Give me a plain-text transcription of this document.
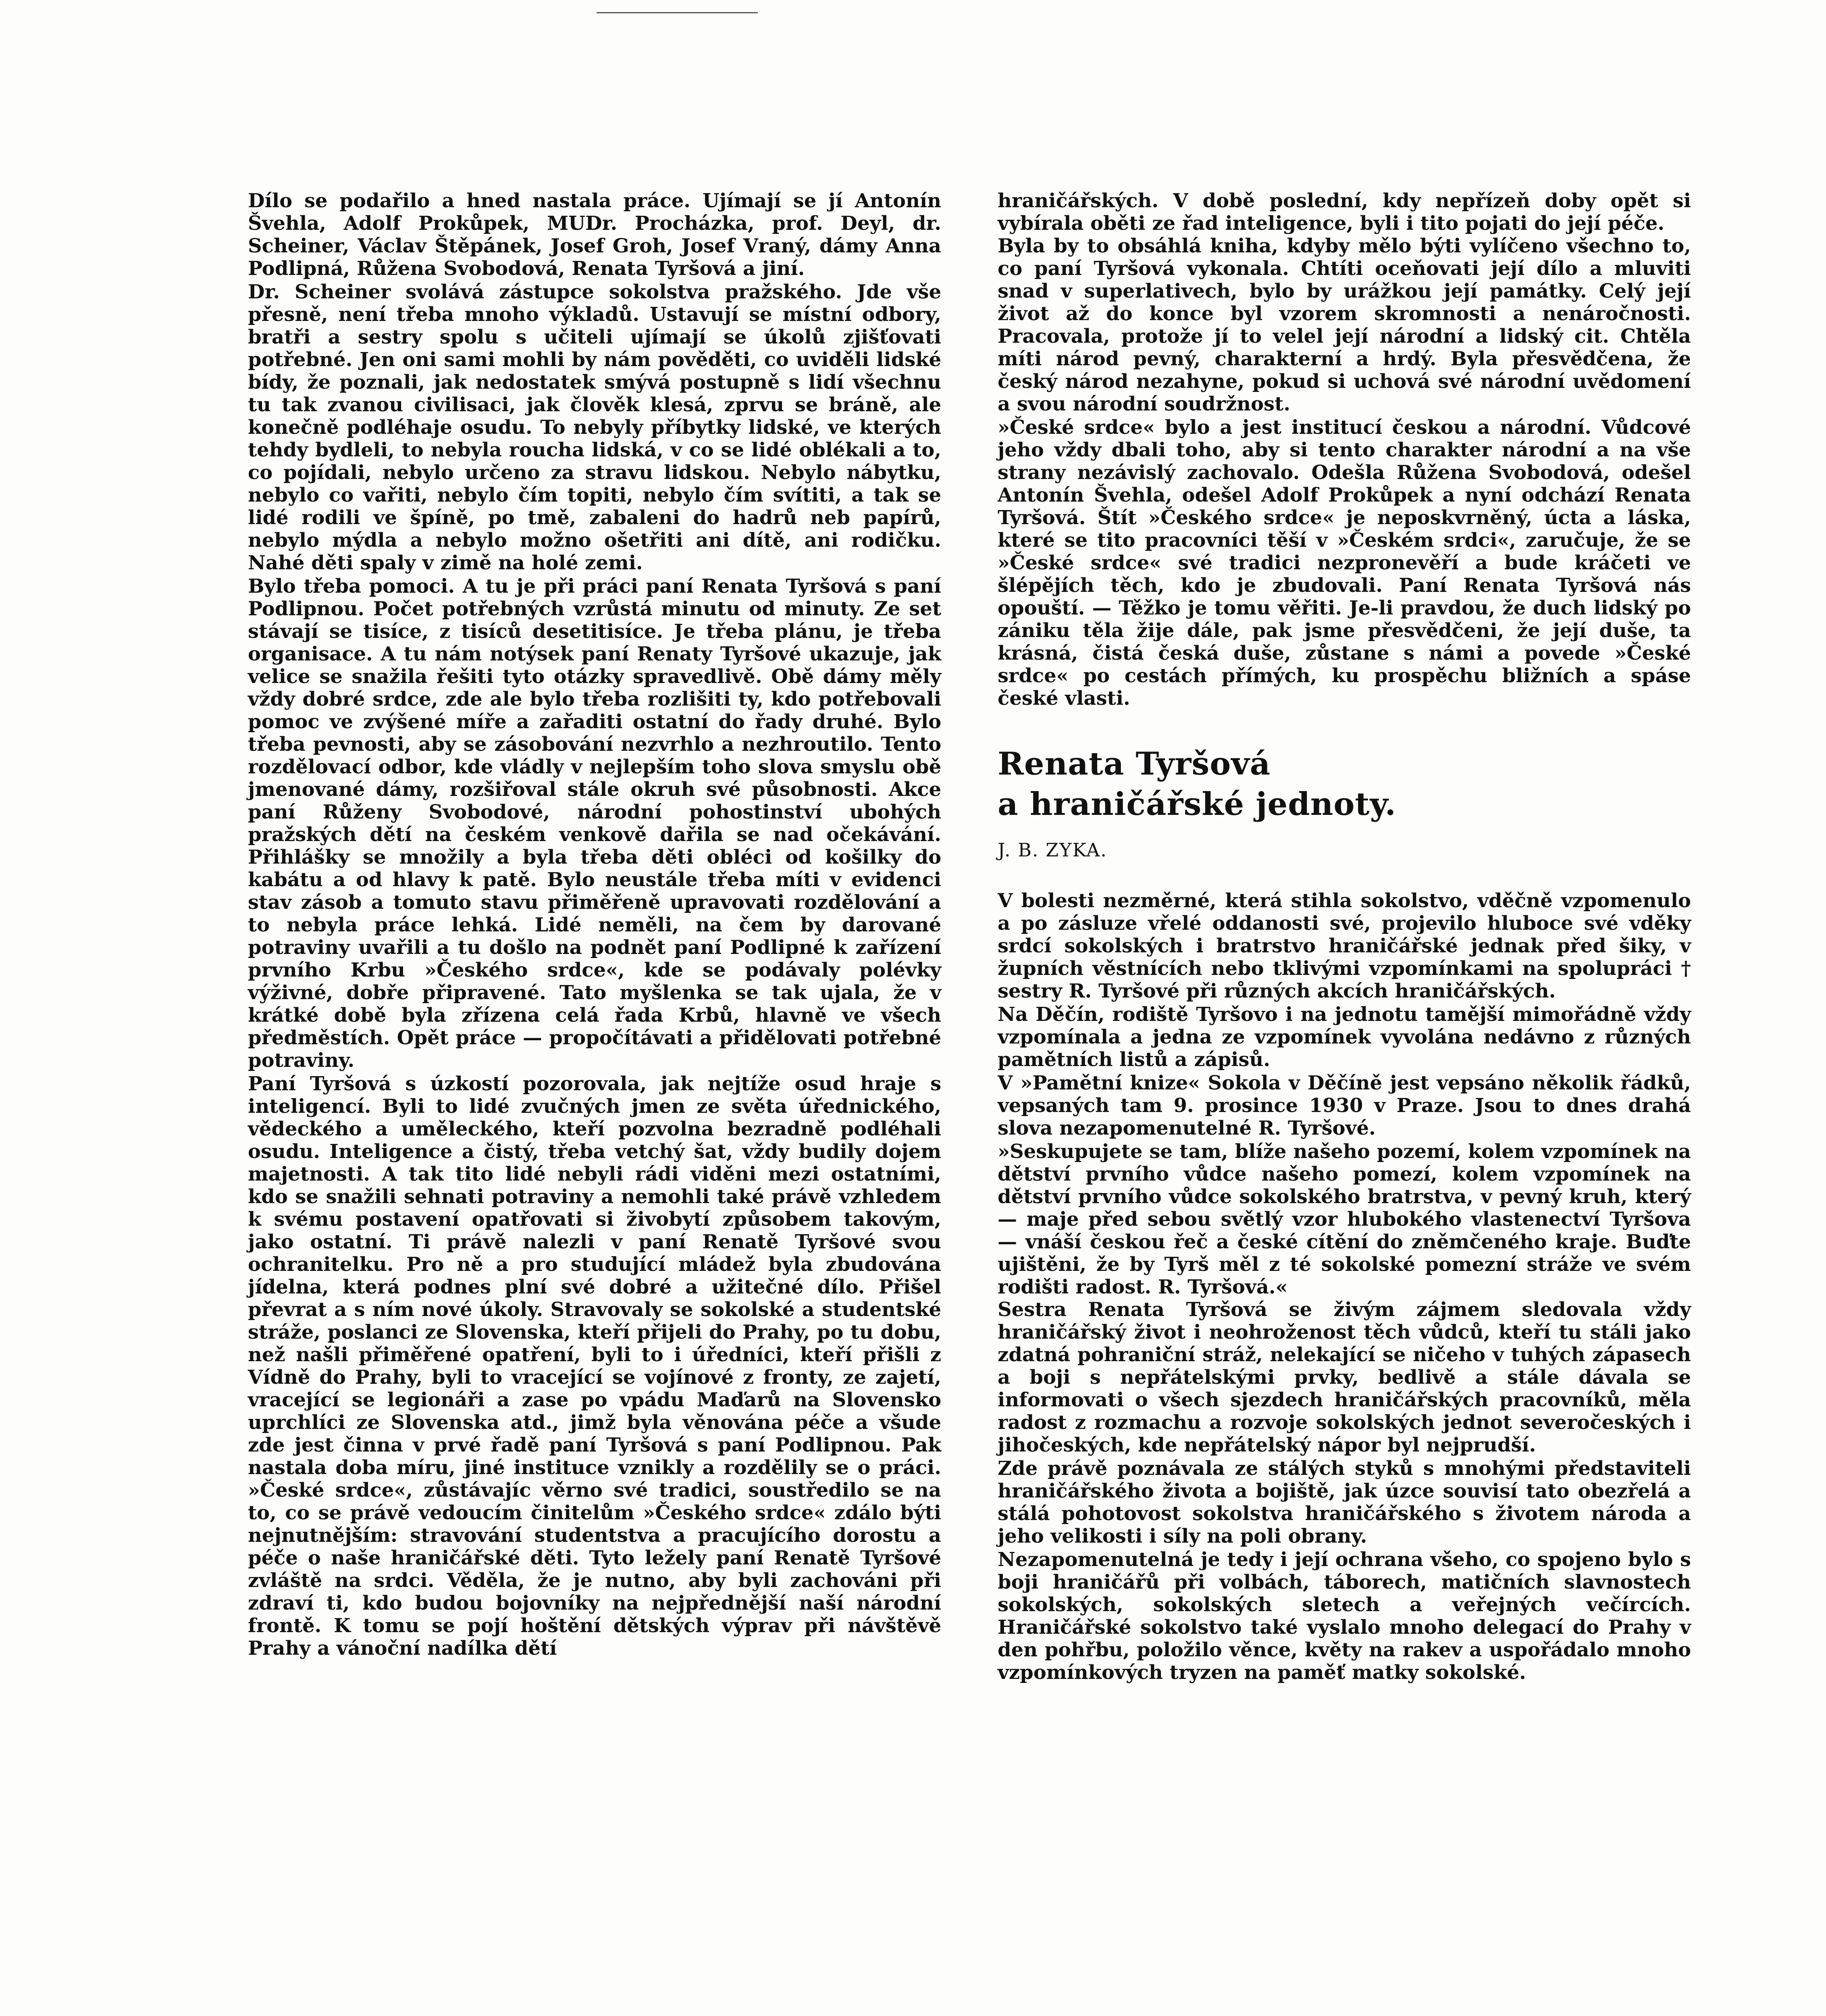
Dílo se podařilo a hned nastala práce. Ujímají se jí Antonín Švehla, Adolf Prokůpek, MUDr. Procházka, prof. Deyl, dr. Scheiner, Václav Štěpánek, Josef Groh, Josef Vraný, dámy Anna Podlipná, Růžena Svobodová, Renata Tyršová a jiní.

Dr. Scheiner svolává zástupce sokolstva pražského. Jde vše přesně, není třeba mnoho výkladů. Ustavují se místní odbory, bratři a sestry spolu s učiteli ujímají se úkolů zjišťovati potřebné. Jen oni sami mohli by nám pověděti, co uviděli lidské bídy, že poznali, jak nedostatek smývá postupně s lidí všechnu tu tak zvanou civilisaci, jak člověk klesá, zprvu se bráně, ale konečně podléhaje osudu. To nebyly příbytky lidské, ve kterých tehdy bydleli, to nebyla roucha lidská, v co se lidé oblékali a to, co pojídali, nebylo určeno za stravu lidskou. Nebylo nábytku, nebylo co vařiti, nebylo čím topiti, nebylo čím svítiti, a tak se lidé rodili ve špíně, po tmě, zabaleni do hadrů neb papírů, nebylo mýdla a nebylo možno ošetřiti ani dítě, ani rodičku. Nahé děti spaly v zimě na holé zemi.

Bylo třeba pomoci. A tu je při práci paní Renata Tyršová s paní Podlipnou. Počet potřebných vzrůstá minutu od minuty. Ze set stávají se tisíce, z tisíců desetitisíce. Je třeba plánu, je třeba organisace. A tu nám notýsek paní Renaty Tyršové ukazuje, jak velice se snažila řešiti tyto otázky spravedlivě. Obě dámy měly vždy dobré srdce, zde ale bylo třeba rozlišiti ty, kdo potřebovali pomoc ve zvýšené míře a zařaditi ostatní do řady druhé. Bylo třeba pevnosti, aby se zásobování nezvrhlo a nezhroutilo. Tento rozdělovací odbor, kde vládly v nejlepším toho slova smyslu obě jmenované dámy, rozšiřoval stále okruh své působnosti. Akce paní Růženy Svobodové, národní pohostinství ubohých pražských dětí na českém venkově dařila se nad očekávání. Přihlášky se množily a byla třeba děti obléci od košilky do kabátu a od hlavy k patě. Bylo neustále třeba míti v evidenci stav zásob a tomuto stavu přiměřeně upravovati rozdělování a to nebyla práce lehká. Lidé neměli, na čem by darované potraviny uvařili a tu došlo na podnět paní Podlipné k zařízení prvního Krbu »Českého srdce«, kde se podávaly polévky výživné, dobře připravené. Tato myšlenka se tak ujala, že v krátké době byla zřízena celá řada Krbů, hlavně ve všech předměstích. Opět práce — propočítávati a přidělovati potřebné potraviny.

Paní Tyršová s úzkostí pozorovala, jak nejtíže osud hraje s inteligencí. Byli to lidé zvučných jmen ze světa úřednického, vědeckého a uměleckého, kteří pozvolna bezradně podléhali osudu. Inteligence a čistý, třeba vetchý šat, vždy budily dojem majetnosti. A tak tito lidé nebyli rádi viděni mezi ostatními, kdo se snažili sehnati potraviny a nemohli také právě vzhledem k svému postavení opatřovati si živobytí způsobem takovým, jako ostatní. Ti právě nalezli v paní Renatě Tyršové svou ochranitelku. Pro ně a pro studující mládež byla zbudována jídelna, která podnes plní své dobré a užitečné dílo. Přišel převrat a s ním nové úkoly. Stravovaly se sokolské a studentské stráže, poslanci ze Slovenska, kteří přijeli do Prahy, po tu dobu, než našli přiměřené opatření, byli to i úředníci, kteří přišli z Vídně do Prahy, byli to vracející se vojínové z fronty, ze zajetí, vracející se legionáři a zase po vpádu Maďarů na Slovensko uprchlíci ze Slovenska atd., jimž byla věnována péče a všude zde jest činna v prvé řadě paní Tyršová s paní Podlipnou. Pak nastala doba míru, jiné instituce vznikly a rozdělily se o práci. »České srdce«, zůstávajíc věrno své tradici, soustředilo se na to, co se právě vedoucím činitelům »Českého srdce« zdálo býti nejnutnějším: stravování studentstva a pracujícího dorostu a péče o naše hraničářské děti. Tyto ležely paní Renatě Tyršové zvláště na srdci. Věděla, že je nutno, aby byli zachováni při zdraví ti, kdo budou bojovníky na nejpřednější naší národní frontě. K tomu se pojí hoštění dětských výprav při návštěvě Prahy a vánoční nadílka dětí

hraničářských. V době poslední, kdy nepřízeň doby opět si vybírala oběti ze řad inteligence, byli i tito pojati do její péče.
Byla by to obsáhlá kniha, kdyby mělo býti vylíčeno všechno to, co paní Tyršová vykonala. Chtíti oceňovati její dílo a mluviti snad v superlativech, bylo by urážkou její památky. Celý její život až do konce byl vzorem skromnosti a nenáročnosti. Pracovala, protože jí to velel její národní a lidský cit. Chtěla míti národ pevný, charakterní a hrdý. Byla přesvědčena, že český národ nezahyne, pokud si uchová své národní uvědomení a svou národní soudržnost.

»České srdce« bylo a jest institucí českou a národní. Vůdcové jeho vždy dbali toho, aby si tento charakter národní a na vše strany nezávislý zachovalo. Odešla Růžena Svobodová, odešel Antonín Švehla, odešel Adolf Prokůpek a nyní odchází Renata Tyršová. Štít »Českého srdce« je neposkvrněný, úcta a láska, které se tito pracovníci těší v »Českém srdci«, zaručuje, že se »České srdce« své tradici nezpronevěří a bude kráčeti ve šlépějích těch, kdo je zbudovali. Paní Renata Tyršová nás opouští. — Těžko je tomu věřiti. Je-li pravdou, že duch lidský po zániku těla žije dále, pak jsme přesvědčeni, že její duše, ta krásná, čistá česká duše, zůstane s námi a povede »České srdce« po cestách přímých, ku prospěchu bližních a spáse české vlasti.

Renata Tyršová
a hraničářské jednoty.
J. B. ZYKA.

V bolesti nezměrné, která stihla sokolstvo, vděčně vzpomenulo a po zásluze vřelé oddanosti své, projevilo hluboce své vděky srdcí sokolských i bratrstvo hraničářské jednak před šiky, v župních věstnících nebo tklivými vzpomínkami na spolupráci † sestry R. Tyršové při různých akcích hraničářských.

Na Děčín, rodiště Tyršovo i na jednotu tamější mimořádně vždy vzpomínala a jedna ze vzpomínek vyvolána nedávno z různých pamětních listů a zápisů.

V »Pamětní knize« Sokola v Děčíně jest vepsáno několik řádků, vepsaných tam 9. prosince 1930 v Praze. Jsou to dnes drahá slova nezapomenutelné R. Tyršové.

»Seskupujete se tam, blíže našeho pozemí, kolem vzpomínek na dětství prvního vůdce našeho pomezí, kolem vzpomínek na dětství prvního vůdce sokolského bratrstva, v pevný kruh, který — maje před sebou světlý vzor hlubokého vlastenectví Tyršova — vnáší českou řeč a české cítění do zněmčeného kraje. Buďte ujištěni, že by Tyrš měl z té sokolské pomezní stráže ve svém rodišti radost. R. Tyršová.«
Sestra Renata Tyršová se živým zájmem sledovala vždy hraničářský život i neohroženost těch vůdců, kteří tu stáli jako zdatná pohraniční stráž, nelekající se ničeho v tuhých zápasech a boji s nepřátelskými prvky, bedlivě a stále dávala se informovati o všech sjezdech hraničářských pracovníků, měla radost z rozmachu a rozvoje sokolských jednot severočeských i jihočeských, kde nepřátelský nápor byl nejprudší.

Zde právě poznávala ze stálých styků s mnohými představiteli hraničářského života a bojiště, jak úzce souvisí tato obezřelá a stálá pohotovost sokolstva hraničářského s životem národa a jeho velikosti i síly na poli obrany.

Nezapomenutelná je tedy i její ochrana všeho, co spojeno bylo s boji hraničářů při volbách, táborech, matičních slavnostech sokolských, sokolských sletech a veřejných večírcích. Hraničářské sokolstvo také vyslalo mnoho delegací do Prahy v den pohřbu, položilo věnce, květy na rakev a uspořádalo mnoho vzpomínkových tryzen na paměť matky sokolské.
